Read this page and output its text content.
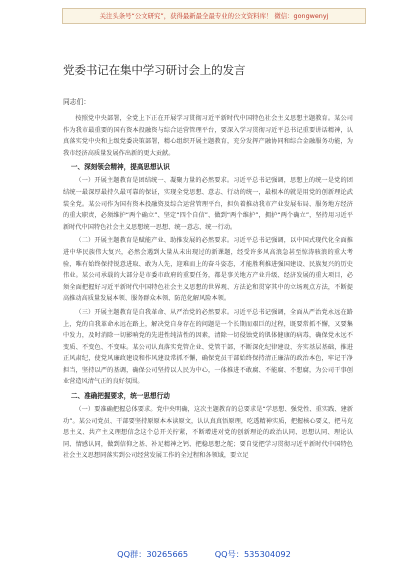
关注头条号“公文研究”，获得最新最全最专业的公文资料库！ 微信：gongwenyj
党委书记在集中学习研讨会上的发言
同志们：

按照党中央部署，全党上下正在开展学习贯彻习近平新时代中国特色社会主义思想主题教育。某公司作为我市最重要的国有资本投融资与综合运营管理平台，要深入学习贯彻习近平总书记重要讲话精神，认真落实党中央和上级党委决策部署，精心组织开展主题教育，充分发挥产融协同和综合金融服务功能，为我市经济高质量发展作出新的更大贡献。

一、深刻领会精神，提高思想认识

（一）开展主题教育是团结统一、凝聚力量的必然要求。习近平总书记强调，思想上的统一是党的团结统一最深厚最持久最可靠的保证，实现全党思想、意志、行动的统一，最根本的就是用党的创新理论武装全党。某公司作为国有资本投融资及综合运营管理平台，担负着推动我市产业发展布局、服务地方经济的重大职责，必须维护“两个确立”、坚定“四个自信”、做到“两个维护”，拥护“两个确立”，坚持用习近平新时代中国特色社会主义思想统一思想、统一意志、统一行动。

（二）开展主题教育是赋能产业、助推发展的必然要求。习近平总书记强调，以中国式现代化全面推进中华民族伟大复兴，必然会遇到大量从未出现过的新课题，经受许多风高浪急甚至惊涛骇浪的重大考验，唯有始终保持锐意进取、敢为人先，迎难而上的奋斗姿态，才能胜利推进强国建设、民族复兴的历史伟业。某公司承载的大部分是市委市政府的重要任务，都是事关地方产业升级、经济发展的重大项目，必须全面把握好习近平新时代中国特色社会主义思想的世界观、方法论和贯穿其中的立场观点方法，不断提高推动高质量发展本领、服务群众本领、防范化解风险本领。

（三）开展主题教育是自我革命、从严治党的必然要求。习近平总书记强调，全面从严治党永远在路上，党的自我革命永远在路上，解决党自身存在的问题是一个长期而艰巨的过程，既要常抓不懈，又要集中发力，及时消除一切影响党的先进性纯洁性的因素，清除一切侵蚀党的肌体健康的病毒，确保党永远不变质、不变色、不变味。某公司认真落实党管企业、党管干部，不断深化纪律建设、夯实基层基础，推进正风肃纪，使党风廉政建设和作风建设常抓不懈，确保党员干部始终保持清正廉洁的政治本色，牢记干净担当，坚持以严的基调，确保公司坚持以人民为中心，一体推进不敢腐、不能腐、不想腐，为公司干事创业营造风清气正的良好氛围。

二、准确把握要求，统一思想行动

（一）要准确把握总体要求。党中央明确，这次主题教育的总要求是“学思想、强党性、重实践、建新功”。某公司党员、干部要坚持原原本本读原文，认认真真悟原理，吃透精神实质，把握核心要义，把马克思主义、共产主义理想信念这个总开关拧紧，不断增进对党的创新理论的政治认同、思想认同、理论认同、情感认同，做到信仰之基、补足精神之钙、把稳思想之舵；要自觉把学习贯彻习近平新时代中国特色社会主义思想同落实到公司经营发展工作的全过程和各领域，要立足

QQ群：30265665	QQ号：535304092
